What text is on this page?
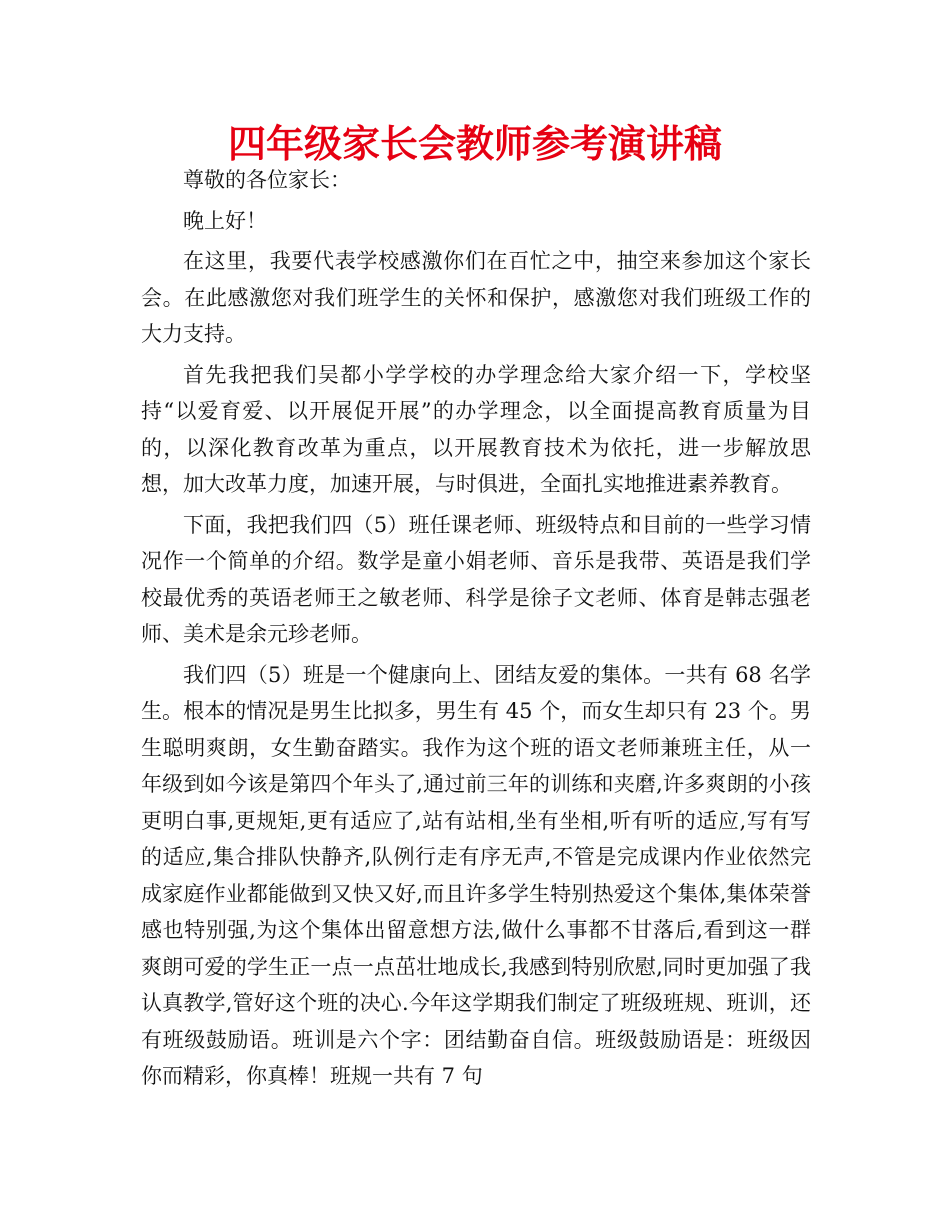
四年级家长会教师参考演讲稿

尊敬的各位家长：

晚上好！

在这里，我要代表学校感激你们在百忙之中，抽空来参加这个家长会。在此感激您对我们班学生的关怀和保护，感激您对我们班级工作的大力支持。

首先我把我们吴都小学学校的办学理念给大家介绍一下，学校坚持“以爱育爱、以开展促开展”的办学理念，以全面提高教育质量为目的，以深化教育改革为重点，以开展教育技术为依托，进一步解放思想，加大改革力度，加速开展，与时俱进，全面扎实地推进素养教育。

下面，我把我们四（5）班任课老师、班级特点和目前的一些学习情况作一个简单的介绍。数学是童小娟老师、音乐是我带、英语是我们学校最优秀的英语老师王之敏老师、科学是徐子文老师、体育是韩志强老师、美术是余元珍老师。

我们四（5）班是一个健康向上、团结友爱的集体。一共有 68 名学生。根本的情况是男生比拟多，男生有 45 个，而女生却只有 23 个。男生聪明爽朗，女生勤奋踏实。我作为这个班的语文老师兼班主任，从一年级到如今该是第四个年头了,通过前三年的训练和夹磨,许多爽朗的小孩更明白事,更规矩,更有适应了,站有站相,坐有坐相,听有听的适应,写有写的适应,集合排队快静齐,队例行走有序无声,不管是完成课内作业依然完成家庭作业都能做到又快又好,而且许多学生特别热爱这个集体,集体荣誉感也特别强,为这个集体出留意想方法,做什么事都不甘落后,看到这一群爽朗可爱的学生正一点一点茁壮地成长,我感到特别欣慰,同时更加强了我认真教学,管好这个班的决心.今年这学期我们制定了班级班规、班训，还有班级鼓励语。班训是六个字：团结勤奋自信。班级鼓励语是：班级因你而精彩，你真棒！班规一共有 7 句
